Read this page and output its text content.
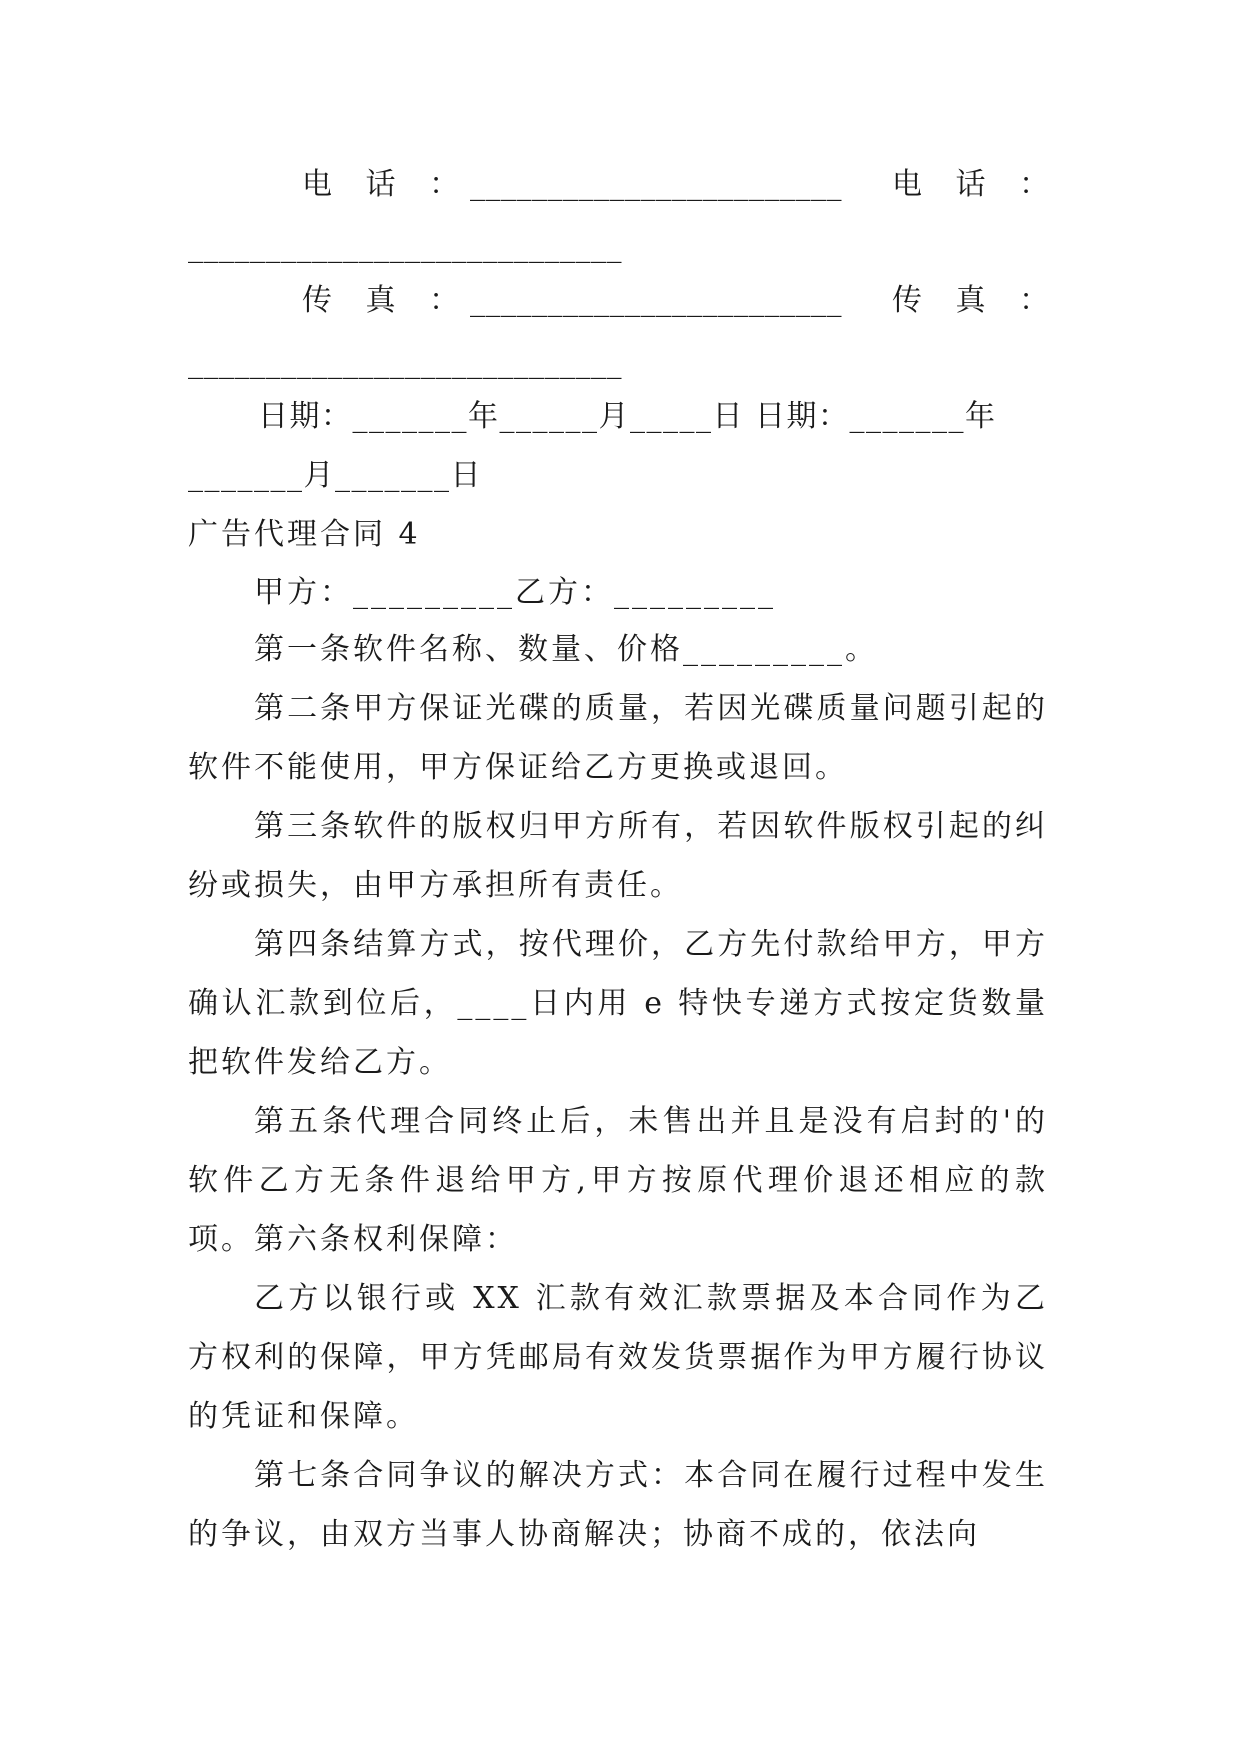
电 话 ：
________________________ 电 话 ：
____________________________
传 真 ：
________________________ 传 真 ：
____________________________
日期：_______年______月_____日 日期：_______年
_______月_______日
广告代理合同 4
甲方：_________乙方：_________
第一条软件名称、数量、价格_________。
第二条甲方保证光碟的质量，若因光碟质量问题引起的软件不能使用，甲方保证给乙方更换或退回。
第三条软件的版权归甲方所有，若因软件版权引起的纠纷或损失，由甲方承担所有责任。
第四条结算方式，按代理价，乙方先付款给甲方，甲方确认汇款到位后，____日内用 e 特快专递方式按定货数量把软件发给乙方。
第五条代理合同终止后，未售出并且是没有启封的'的软件乙方无条件退给甲方,甲方按原代理价退还相应的款项。 第六条权利保障：
乙方以银行或 XX 汇款有效汇款票据及本合同作为乙方权利的保障，甲方凭邮局有效发货票据作为甲方履行协议的凭证和保障。
第七条合同争议的解决方式：本合同在履行过程中发生的争议，由双方当事人协商解决；协商不成的，依法向
